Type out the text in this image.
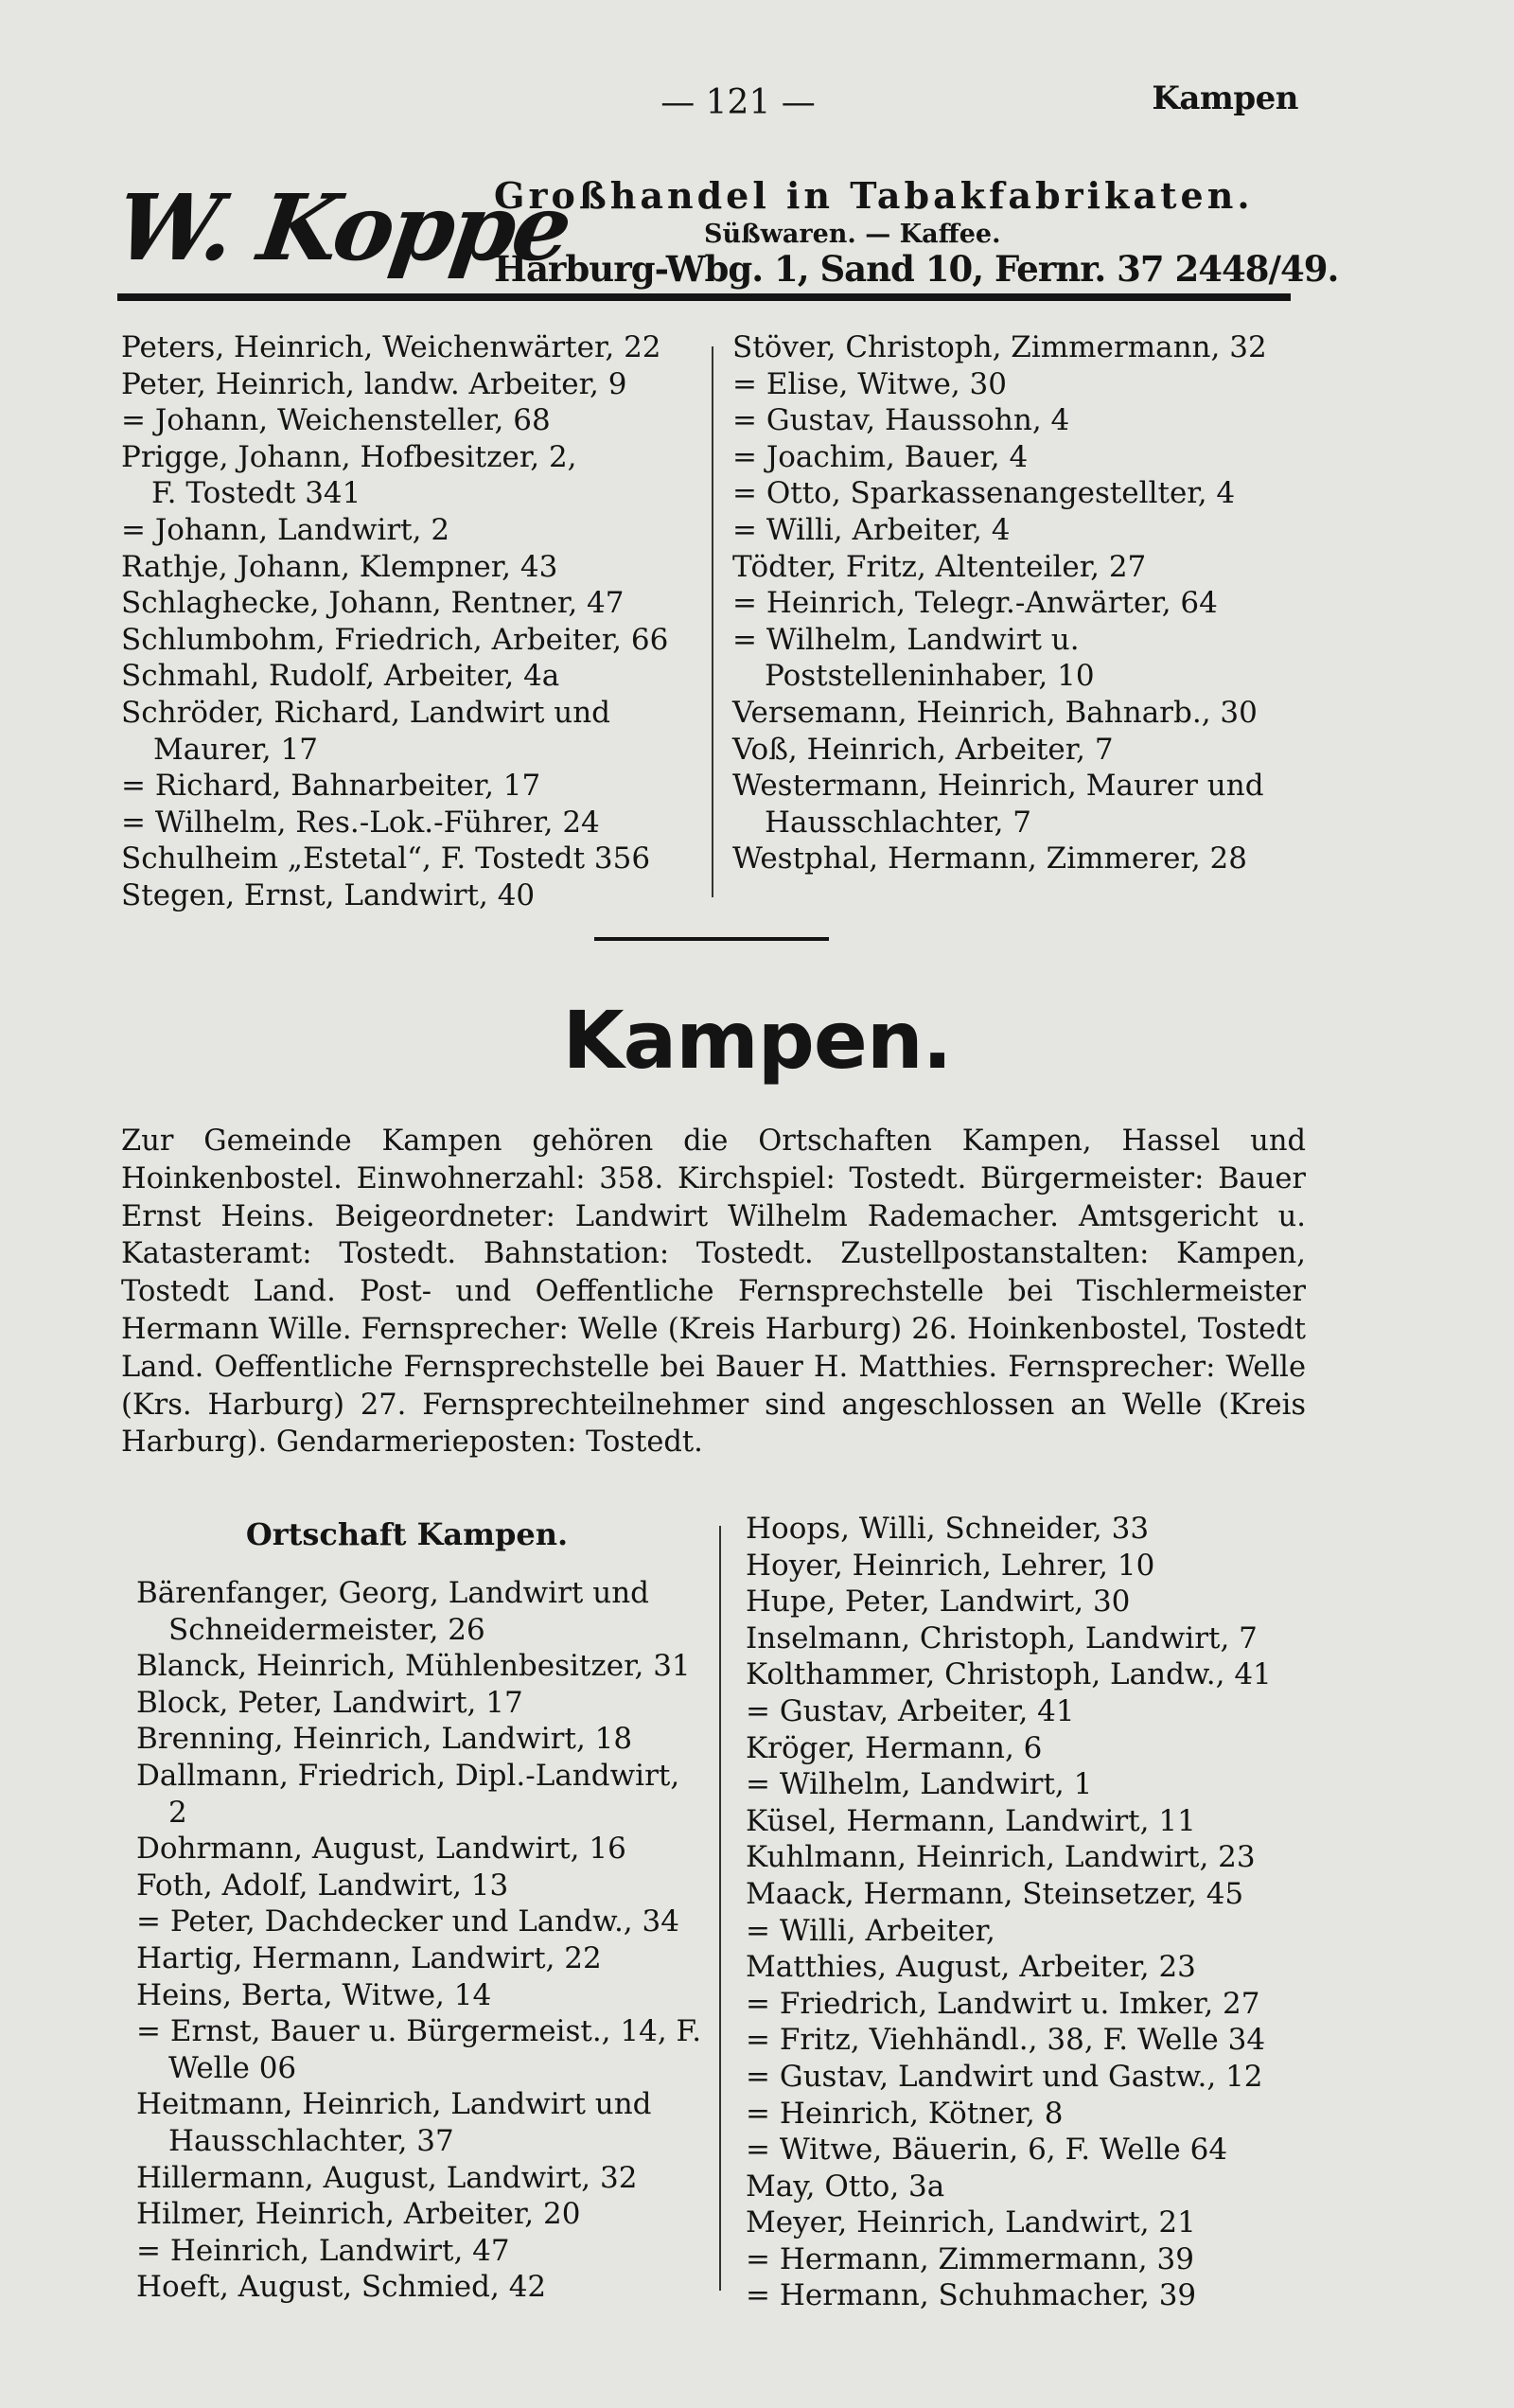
— 121 —	Kampen
W. Koppe
Großhandel in Tabakfabrikaten.
Süßwaren. — Kaffee.
Harburg-Wbg. 1, Sand 10, Fernr. 37 2448/49.
Peters, Heinrich, Weichenwärter, 22
Peter, Heinrich, landw. Arbeiter, 9
= Johann, Weichensteller, 68
Prigge, Johann, Hofbesitzer, 2,
F. Tostedt 341
= Johann, Landwirt, 2
Rathje, Johann, Klempner, 43
Schlaghecke, Johann, Rentner, 47
Schlumbohm, Friedrich, Arbeiter, 66
Schmahl, Rudolf, Arbeiter, 4a
Schröder, Richard, Landwirt und Maurer, 17
= Richard, Bahnarbeiter, 17
= Wilhelm, Res.-Lok.-Führer, 24
Schulheim „Estetal“, F. Tostedt 356
Stegen, Ernst, Landwirt, 40
Stöver, Christoph, Zimmermann, 32
= Elise, Witwe, 30
= Gustav, Haussohn, 4
= Joachim, Bauer, 4
= Otto, Sparkassenangestellter, 4
= Willi, Arbeiter, 4
Tödter, Fritz, Altenteiler, 27
= Heinrich, Telegr.-Anwärter, 64
= Wilhelm, Landwirt u. Poststelleninhaber, 10
Versemann, Heinrich, Bahnarb., 30
Voß, Heinrich, Arbeiter, 7
Westermann, Heinrich, Maurer und Hausschlachter, 7
Westphal, Hermann, Zimmerer, 28
Kampen.
Zur Gemeinde Kampen gehören die Ortschaften Kampen, Hassel und Hoinkenbostel. Einwohnerzahl: 358. Kirchspiel: Tostedt. Bürgermeister: Bauer Ernst Heins. Beigeordneter: Landwirt Wilhelm Rademacher. Amtsgericht u. Katasteramt: Tostedt. Bahnstation: Tostedt. Zustellpostanstalten: Kampen, Tostedt Land. Post- und Oeffentliche Fernsprechstelle bei Tischlermeister Hermann Wille. Fernsprecher: Welle (Kreis Harburg) 26. Hoinkenbostel, Tostedt Land. Oeffentliche Fernsprechstelle bei Bauer H. Matthies. Fernsprecher: Welle (Krs. Harburg) 27. Fernsprechteilnehmer sind angeschlossen an Welle (Kreis Harburg). Gendarmerieposten: Tostedt.
Ortschaft Kampen.
Bärenfanger, Georg, Landwirt und Schneidermeister, 26
Blanck, Heinrich, Mühlenbesitzer, 31
Block, Peter, Landwirt, 17
Brenning, Heinrich, Landwirt, 18
Dallmann, Friedrich, Dipl.-Landwirt, 2
Dohrmann, August, Landwirt, 16
Foth, Adolf, Landwirt, 13
= Peter, Dachdecker und Landw., 34
Hartig, Hermann, Landwirt, 22
Heins, Berta, Witwe, 14
= Ernst, Bauer u. Bürgermeist., 14, F. Welle 06
Heitmann, Heinrich, Landwirt und Hausschlachter, 37
Hillermann, August, Landwirt, 32
Hilmer, Heinrich, Arbeiter, 20
= Heinrich, Landwirt, 47
Hoeft, August, Schmied, 42
Hoops, Willi, Schneider, 33
Hoyer, Heinrich, Lehrer, 10
Hupe, Peter, Landwirt, 30
Inselmann, Christoph, Landwirt, 7
Kolthammer, Christoph, Landw., 41
= Gustav, Arbeiter, 41
Kröger, Hermann, 6
= Wilhelm, Landwirt, 1
Küsel, Hermann, Landwirt, 11
Kuhlmann, Heinrich, Landwirt, 23
Maack, Hermann, Steinsetzer, 45
= Willi, Arbeiter,
Matthies, August, Arbeiter, 23
= Friedrich, Landwirt u. Imker, 27
= Fritz, Viehhändl., 38, F. Welle 34
= Gustav, Landwirt und Gastw., 12
= Heinrich, Kötner, 8
= Witwe, Bäuerin, 6, F. Welle 64
May, Otto, 3a
Meyer, Heinrich, Landwirt, 21
= Hermann, Zimmermann, 39
= Hermann, Schuhmacher, 39
